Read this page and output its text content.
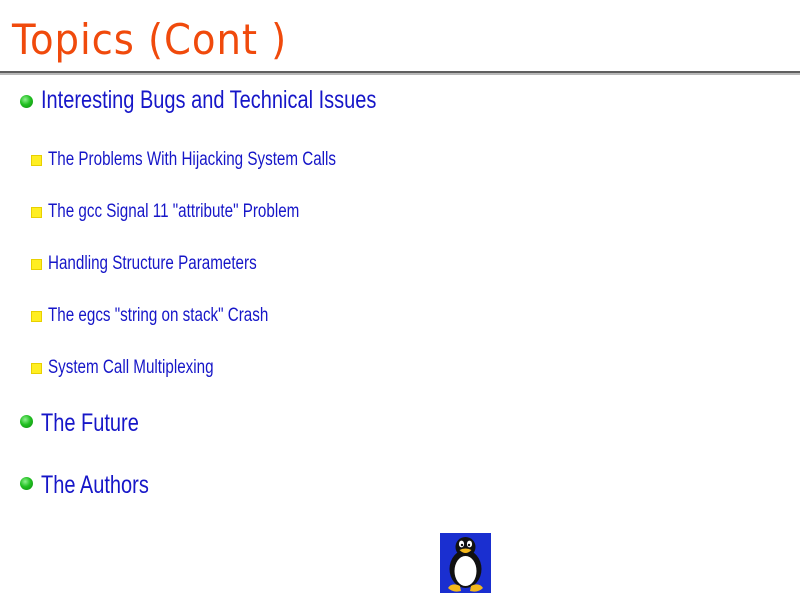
Topics (Cont )
Interesting Bugs and Technical Issues
The Problems With Hijacking System Calls
The gcc Signal 11 "attribute" Problem
Handling Structure Parameters
The egcs "string on stack" Crash
System Call Multiplexing
The Future
The Authors
